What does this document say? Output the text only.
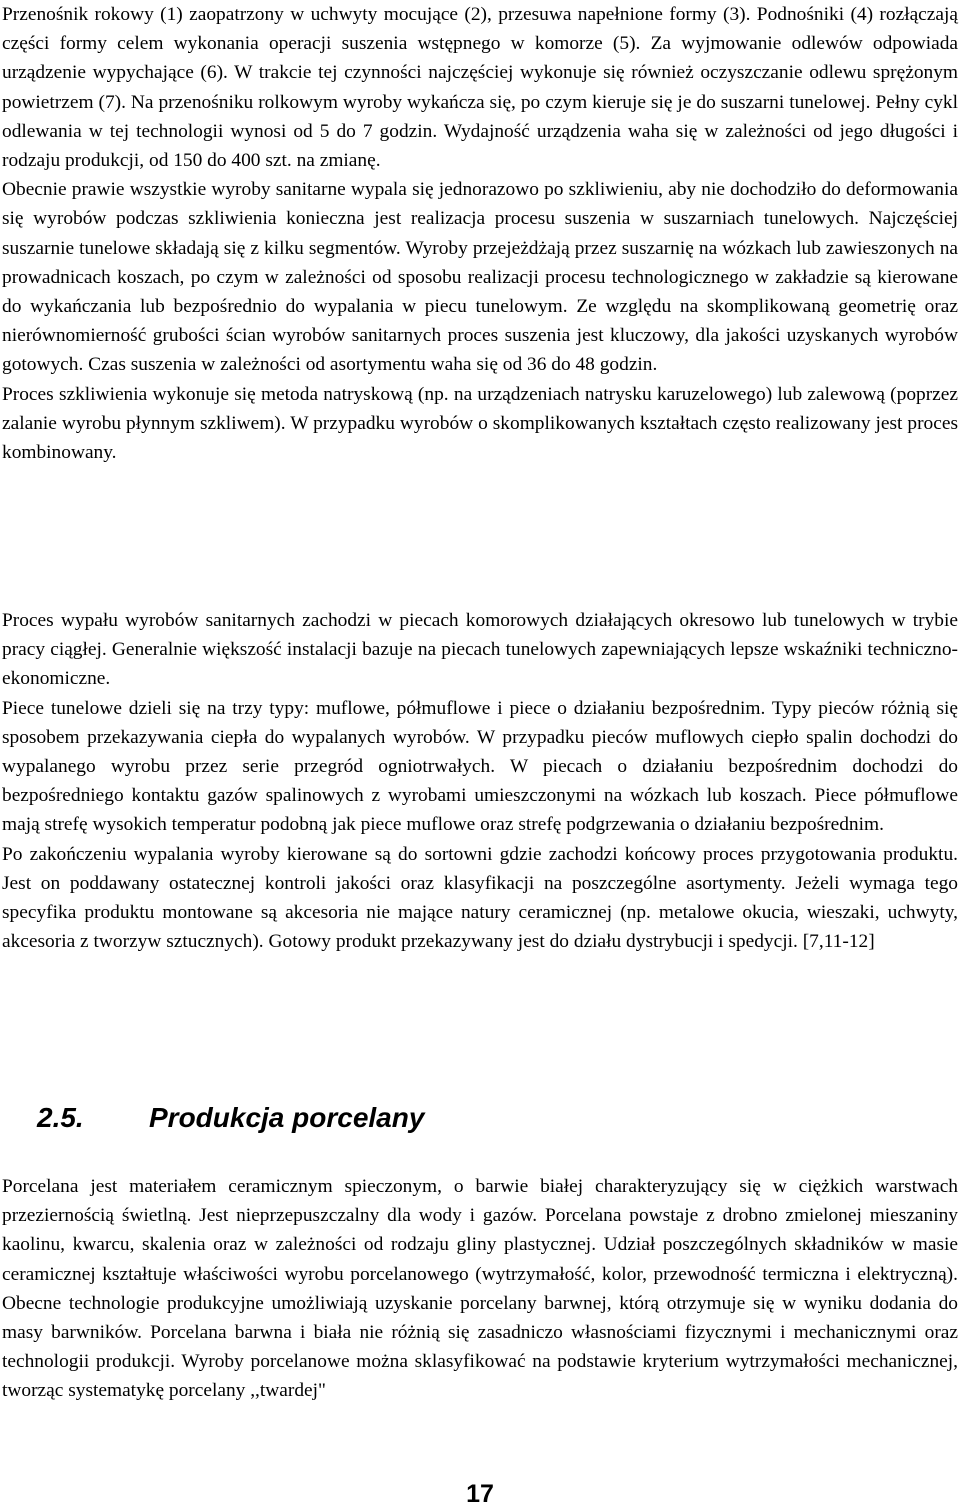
Przenośnik rokowy (1) zaopatrzony w uchwyty mocujące (2), przesuwa napełnione formy (3). Podnośniki (4) rozłączają części formy celem wykonania operacji suszenia wstępnego w komorze (5). Za wyjmowanie odlewów odpowiada urządzenie wypychające (6). W trakcie tej czynności najczęściej wykonuje się również oczyszczanie odlewu sprężonym powietrzem (7). Na przenośniku rolkowym wyroby wykańcza się, po czym kieruje się je do suszarni tunelowej. Pełny cykl odlewania w tej technologii wynosi od 5 do 7 godzin. Wydajność urządzenia waha się w zależności od jego długości i rodzaju produkcji, od 150 do 400 szt. na zmianę.

Obecnie prawie wszystkie wyroby sanitarne wypala się jednorazowo po szkliwieniu, aby nie dochodziło do deformowania się wyrobów podczas szkliwienia konieczna jest realizacja procesu suszenia w suszarniach tunelowych. Najczęściej suszarnie tunelowe składają się z kilku segmentów. Wyroby przejeżdżają przez suszarnię na wózkach lub zawieszonych na prowadnicach koszach, po czym w zależności od sposobu realizacji procesu technologicznego w zakładzie są kierowane do wykańczania lub bezpośrednio do wypalania w piecu tunelowym. Ze względu na skomplikowaną geometrię oraz nierównomierność grubości ścian wyrobów sanitarnych proces suszenia jest kluczowy, dla jakości uzyskanych wyrobów gotowych. Czas suszenia w zależności od asortymentu waha się od 36 do 48 godzin.

Proces szkliwienia wykonuje się metoda natryskową (np. na urządzeniach natrysku karuzelowego) lub zalewową (poprzez zalanie wyrobu płynnym szkliwem). W przypadku wyrobów o skomplikowanych kształtach często realizowany jest proces kombinowany.

Proces wypału wyrobów sanitarnych zachodzi w piecach komorowych działających okresowo lub tunelowych w trybie pracy ciągłej. Generalnie większość instalacji bazuje na piecach tunelowych zapewniających lepsze wskaźniki techniczno-ekonomiczne.

Piece tunelowe dzieli się na trzy typy: muflowe, półmuflowe i piece o działaniu bezpośrednim. Typy pieców różnią się sposobem przekazywania ciepła do wypalanych wyrobów. W przypadku pieców muflowych ciepło spalin dochodzi do wypalanego wyrobu przez serie przegród ogniotrwałych. W piecach o działaniu bezpośrednim dochodzi do bezpośredniego kontaktu gazów spalinowych z wyrobami umieszczonymi na wózkach lub koszach. Piece półmuflowe mają strefę wysokich temperatur podobną jak piece muflowe oraz strefę podgrzewania o działaniu bezpośrednim.

Po zakończeniu wypalania wyroby kierowane są do sortowni gdzie zachodzi końcowy proces przygotowania produktu. Jest on poddawany ostatecznej kontroli jakości oraz klasyfikacji na poszczególne asortymenty. Jeżeli wymaga tego specyfika produktu montowane są akcesoria nie mające natury ceramicznej (np. metalowe okucia, wieszaki, uchwyty, akcesoria z tworzyw sztucznych). Gotowy produkt przekazywany jest do działu dystrybucji i spedycji. [7,11-12]

2.5. Produkcja porcelany

Porcelana jest materiałem ceramicznym spieczonym, o barwie białej charakteryzujący się w ciężkich warstwach przeziernością świetlną. Jest nieprzepuszczalny dla wody i gazów. Porcelana powstaje z drobno zmielonej mieszaniny kaolinu, kwarcu, skalenia oraz w zależności od rodzaju gliny plastycznej. Udział poszczególnych składników w masie ceramicznej kształtuje właściwości wyrobu porcelanowego (wytrzymałość, kolor, przewodność termiczna i elektryczną). Obecne technologie produkcyjne umożliwiają uzyskanie porcelany barwnej, którą otrzymuje się w wyniku dodania do masy barwników. Porcelana barwna i biała nie różnią się zasadniczo własnościami fizycznymi i mechanicznymi oraz technologii produkcji. Wyroby porcelanowe można sklasyfikować na podstawie kryterium wytrzymałości mechanicznej, tworząc systematykę porcelany ,,twardej"

17
